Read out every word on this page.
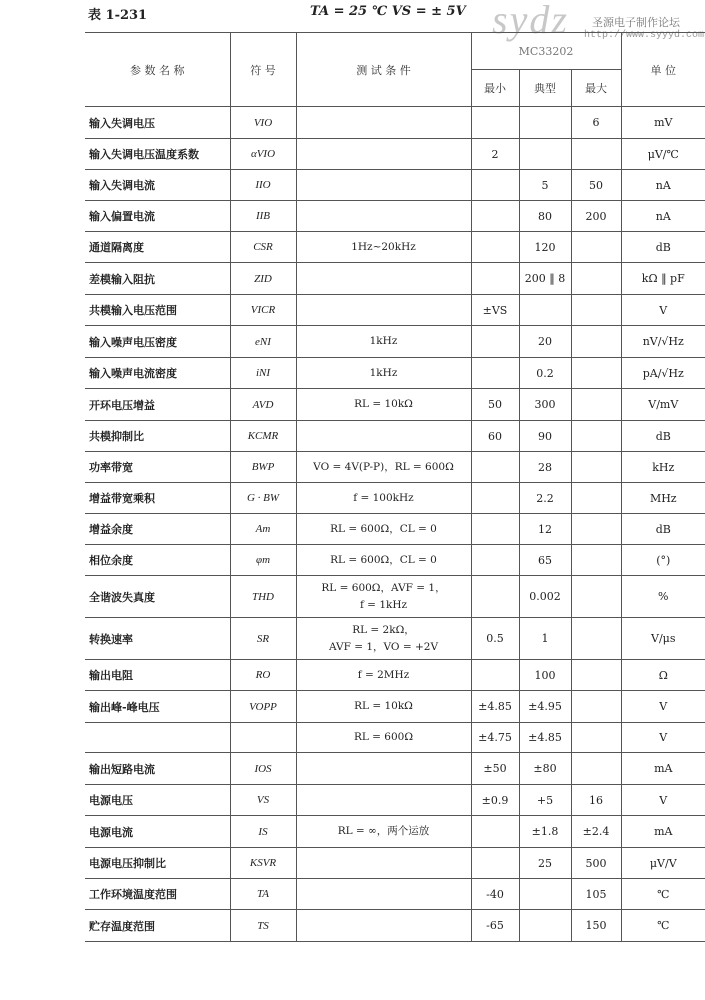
表 1-231	TA = 25 ℃ VS = ± 5V sydz 圣源电子制作论坛
http://www.syyyd.com
参 数 名 称	符 号	测 试 条 件	MC33202			单 位
			最小	典型	最大	
输入失调电压	VIO				6	mV
输入失调电压温度系数	αVIO		2			μV/℃
输入失调电流	IIO			5	50	nA
输入偏置电流	IIB			80	200	nA
通道隔离度	CSR	1Hz~20kHz		120		dB
差模输入阻抗	ZID			200 ‖ 8		kΩ ‖ pF
共模输入电压范围	VICR		±VS			V
输入噪声电压密度	eNI	1kHz		20		nV/√Hz
输入噪声电流密度	iNI	1kHz		0.2		pA/√Hz
开环电压增益	AVD	RL = 10kΩ	50	300		V/mV
共模抑制比	KCMR		60	90		dB
功率带宽	BWP	VO = 4V(P-P)，RL = 600Ω		28		kHz
增益带宽乘积	G · BW	f = 100kHz		2.2		MHz
增益余度	Am	RL = 600Ω，CL = 0		12		dB
相位余度	φm	RL = 600Ω，CL = 0		65		(°)
全谐波失真度	THD	RL = 600Ω，AVF = 1，
f = 1kHz		0.002		%
转换速率	SR	RL = 2kΩ，
AVF = 1，VO = +2V	0.5	1		V/μs
输出电阻	RO	f = 2MHz		100		Ω
输出峰-峰电压	VOPP	RL = 10kΩ	±4.85	±4.95		V
		RL = 600Ω	±4.75	±4.85		V
输出短路电流	IOS		±50	±80		mA
电源电压	VS		±0.9	+5	16	V
电源电流	IS	RL = ∞，两个运放		±1.8	±2.4	mA
电源电压抑制比	KSVR			25	500	μV/V
工作环境温度范围	TA		-40		105	℃
贮存温度范围	TS		-65		150	℃
